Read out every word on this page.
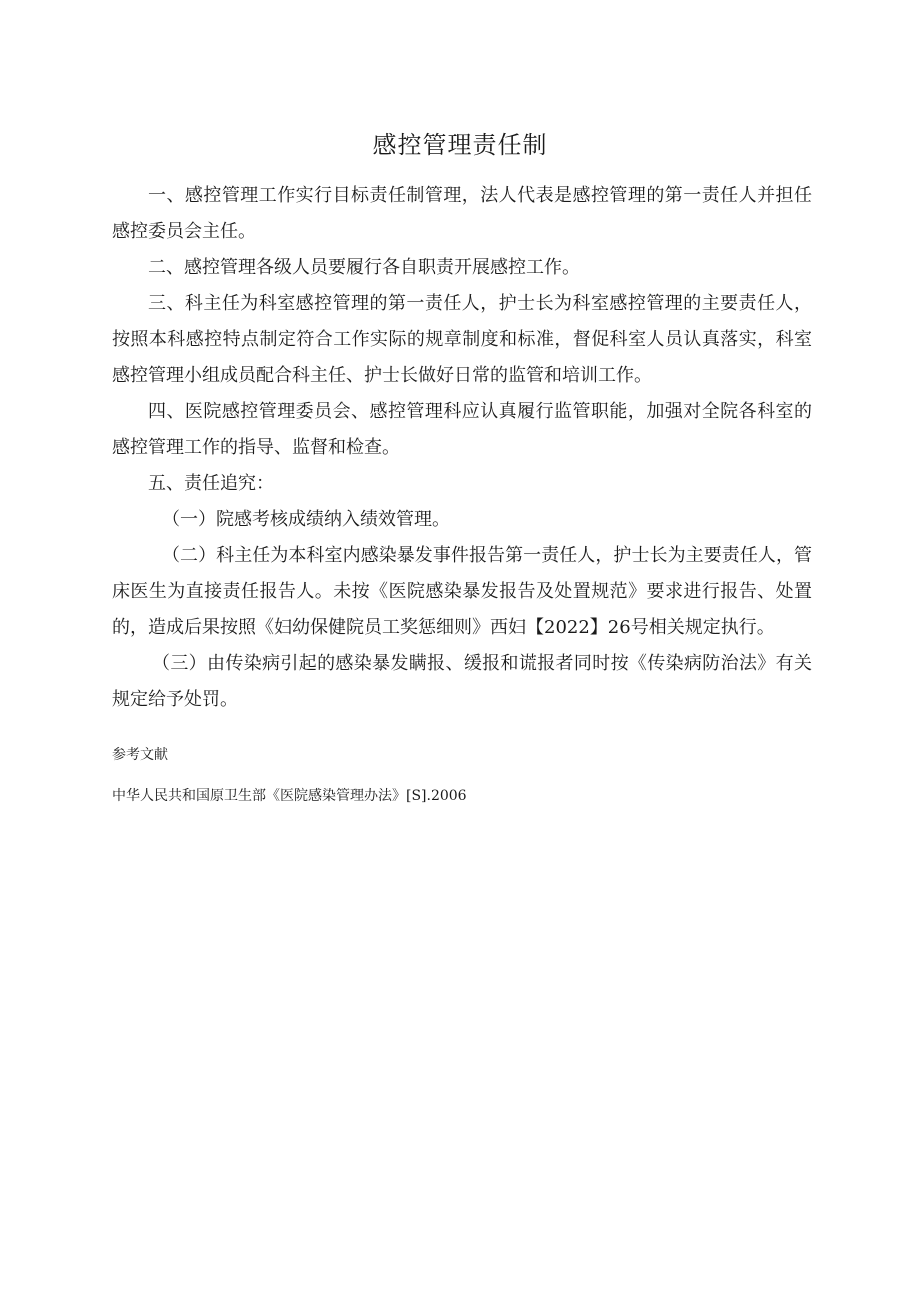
感控管理责任制

一、感控管理工作实行目标责任制管理，法人代表是感控管理的第一责任人并担任感控委员会主任。

二、感控管理各级人员要履行各自职责开展感控工作。

三、科主任为科室感控管理的第一责任人，护士长为科室感控管理的主要责任人，按照本科感控特点制定符合工作实际的规章制度和标准，督促科室人员认真落实，科室感控管理小组成员配合科主任、护士长做好日常的监管和培训工作。

四、医院感控管理委员会、感控管理科应认真履行监管职能，加强对全院各科室的感控管理工作的指导、监督和检查。

五、责任追究：

（一）院感考核成绩纳入绩效管理。

（二）科主任为本科室内感染暴发事件报告第一责任人，护士长为主要责任人，管床医生为直接责任报告人。未按《医院感染暴发报告及处置规范》要求进行报告、处置的，造成后果按照《妇幼保健院员工奖惩细则》西妇【2022】26号相关规定执行。

（三）由传染病引起的感染暴发瞒报、缓报和谎报者同时按《传染病防治法》有关规定给予处罚。

参考文献

中华人民共和国原卫生部《医院感染管理办法》[S].2006
